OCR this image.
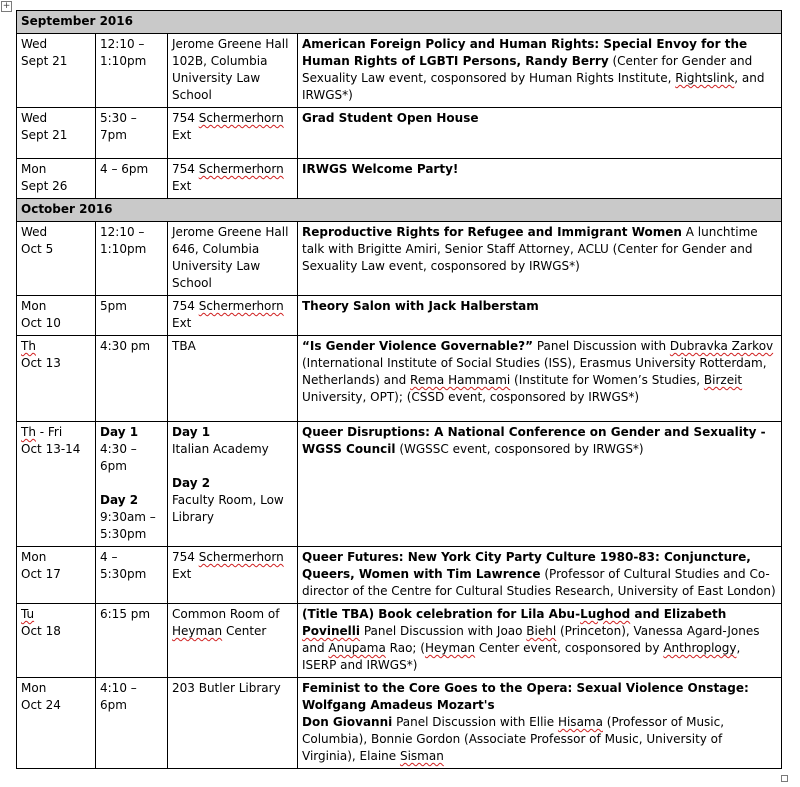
+
September 2016			
Wed
Sept 21	12:10 – 1:10pm	Jerome Greene Hall 102B, Columbia University Law School	American Foreign Policy and Human Rights: Special Envoy for the Human Rights of LGBTI Persons, Randy Berry (Center for Gender and Sexuality Law event, cosponsored by Human Rights Institute, Rightslink, and IRWGS*)
Wed
Sept 21	5:30 – 7pm	754 Schermerhorn Ext	Grad Student Open House
Mon
Sept 26	4 – 6pm	754 Schermerhorn Ext	IRWGS Welcome Party!
October 2016			
Wed
Oct 5	12:10 – 1:10pm	Jerome Greene Hall 646, Columbia University Law School	Reproductive Rights for Refugee and Immigrant Women A lunchtime talk with Brigitte Amiri, Senior Staff Attorney, ACLU (Center for Gender and Sexuality Law event, cosponsored by IRWGS*)
Mon
Oct 10	5pm	754 Schermerhorn Ext	Theory Salon with Jack Halberstam
Th
Oct 13	4:30 pm	TBA	“Is Gender Violence Governable?” Panel Discussion with Dubravka Zarkov (International Institute of Social Studies (ISS), Erasmus University Rotterdam, Netherlands) and Rema Hammami (Institute for Women’s Studies, Birzeit University, OPT); (CSSD event, cosponsored by IRWGS*)
Th - Fri
Oct 13-14	Day 1
4:30 – 6pm

Day 2
9:30am – 5:30pm	Day 1
Italian Academy

Day 2
Faculty Room, Low Library	Queer Disruptions: A National Conference on Gender and Sexuality - WGSS Council (WGSSC event, cosponsored by IRWGS*)
Mon
Oct 17	4 – 5:30pm	754 Schermerhorn Ext	Queer Futures: New York City Party Culture 1980-83: Conjuncture, Queers, Women with Tim Lawrence (Professor of Cultural Studies and Co-director of the Centre for Cultural Studies Research, University of East London)
Tu
Oct 18	6:15 pm	Common Room of Heyman Center	(Title TBA) Book celebration for Lila Abu-Lughod and Elizabeth Povinelli Panel Discussion with Joao Biehl (Princeton), Vanessa Agard-Jones and Anupama Rao; (Heyman Center event, cosponsored by Anthroplogy, ISERP and IRWGS*)
Mon
Oct 24	4:10 – 6pm	203 Butler Library	Feminist to the Core Goes to the Opera: Sexual Violence Onstage: Wolfgang Amadeus Mozart's
Don Giovanni Panel Discussion with Ellie Hisama (Professor of Music, Columbia), Bonnie Gordon (Associate Professor of Music, University of Virginia), Elaine Sisman
